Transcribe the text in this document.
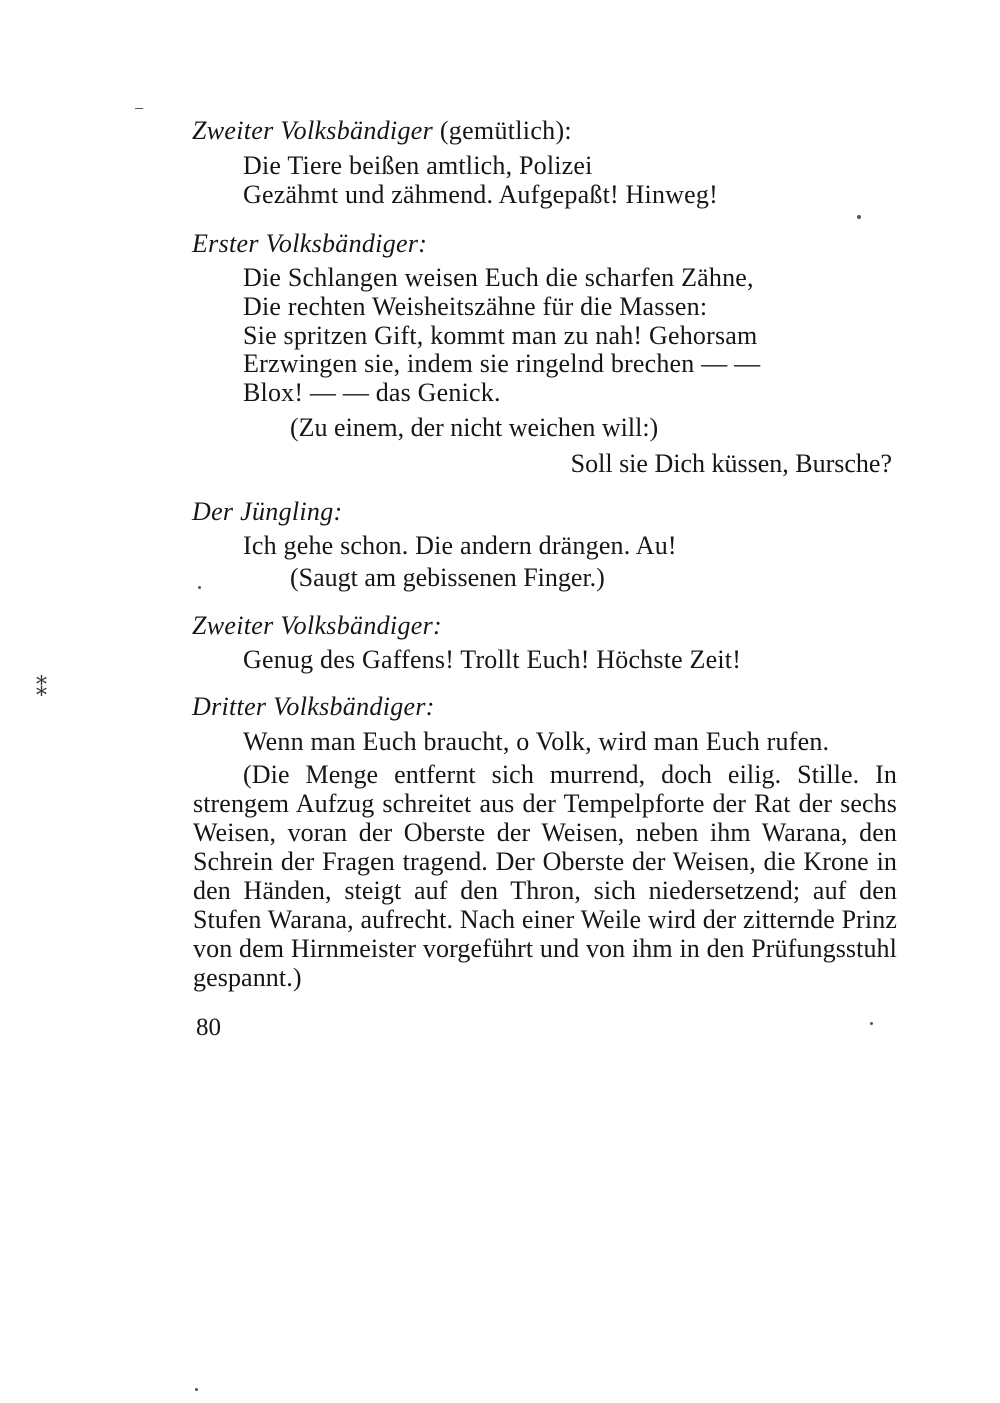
Zweiter Volksbändiger (gemütlich):
Die Tiere beißen amtlich, Polizei
Gezähmt und zähmend. Aufgepaßt! Hinweg!
Erster Volksbändiger:
Die Schlangen weisen Euch die scharfen Zähne,
Die rechten Weisheitszähne für die Massen:
Sie spritzen Gift, kommt man zu nah! Gehorsam
Erzwingen sie, indem sie ringelnd brechen — —
Blox! — — das Genick.
(Zu einem, der nicht weichen will:)
Soll sie Dich küssen, Bursche?
Der Jüngling:
Ich gehe schon. Die andern drängen. Au!
(Saugt am gebissenen Finger.)
Zweiter Volksbändiger:
Genug des Gaffens! Trollt Euch! Höchste Zeit!
Dritter Volksbändiger:
Wenn man Euch braucht, o Volk, wird man Euch rufen.
(Die Menge entfernt sich murrend, doch eilig. Stille. In strengem Aufzug schreitet aus der Tempelpforte der Rat der sechs Weisen, voran der Oberste der Weisen, neben ihm Warana, den Schrein der Fragen tragend. Der Oberste der Weisen, die Krone in den Händen, steigt auf den Thron, sich niedersetzend; auf den Stufen Warana, aufrecht. Nach einer Weile wird der zitternde Prinz von dem Hirnmeister vorgeführt und von ihm in den Prüfungsstuhl gespannt.)
80
⁑
